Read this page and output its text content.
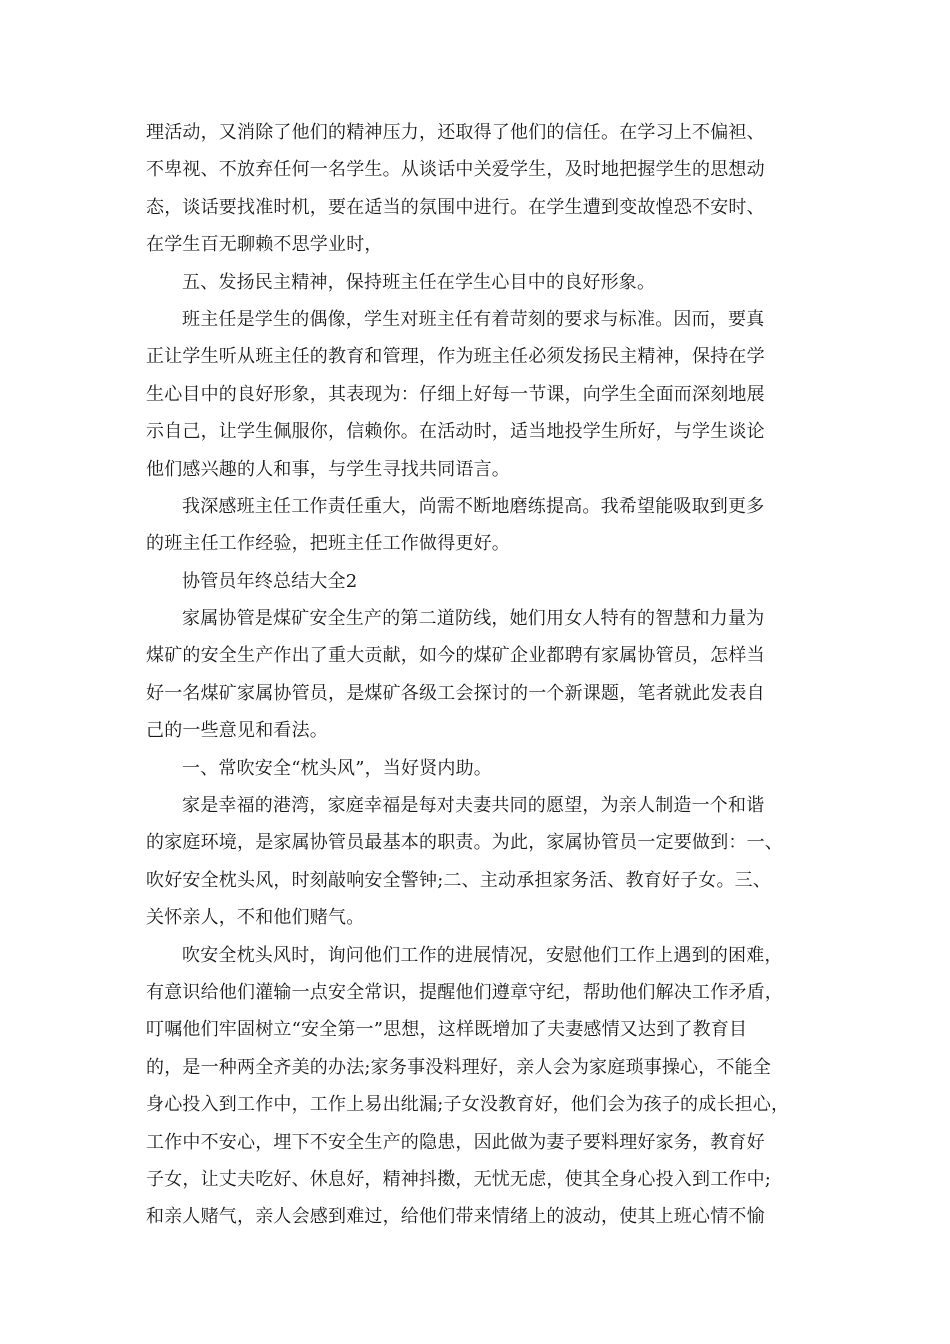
理活动，又消除了他们的精神压力，还取得了他们的信任。在学习上不偏袒、
不卑视、不放弃任何一名学生。从谈话中关爱学生，及时地把握学生的思想动
态，谈话要找准时机，要在适当的氛围中进行。在学生遭到变故惶恐不安时、
在学生百无聊赖不思学业时，
五、发扬民主精神，保持班主任在学生心目中的良好形象。
班主任是学生的偶像，学生对班主任有着苛刻的要求与标准。因而，要真
正让学生听从班主任的教育和管理，作为班主任必须发扬民主精神，保持在学
生心目中的良好形象，其表现为：仔细上好每一节课，向学生全面而深刻地展
示自己，让学生佩服你，信赖你。在活动时，适当地投学生所好，与学生谈论
他们感兴趣的人和事，与学生寻找共同语言。
我深感班主任工作责任重大，尚需不断地磨练提高。我希望能吸取到更多
的班主任工作经验，把班主任工作做得更好。
协管员年终总结大全2
家属协管是煤矿安全生产的第二道防线，她们用女人特有的智慧和力量为
煤矿的安全生产作出了重大贡献，如今的煤矿企业都聘有家属协管员，怎样当
好一名煤矿家属协管员，是煤矿各级工会探讨的一个新课题，笔者就此发表自
己的一些意见和看法。
一、常吹安全“枕头风”，当好贤内助。
家是幸福的港湾，家庭幸福是每对夫妻共同的愿望，为亲人制造一个和谐
的家庭环境，是家属协管员最基本的职责。为此，家属协管员一定要做到：一、
吹好安全枕头风，时刻敲响安全警钟;二、主动承担家务活、教育好子女。三、
关怀亲人，不和他们赌气。
吹安全枕头风时，询问他们工作的进展情况，安慰他们工作上遇到的困难，
有意识给他们灌输一点安全常识，提醒他们遵章守纪，帮助他们解决工作矛盾，
叮嘱他们牢固树立“安全第一”思想，这样既增加了夫妻感情又达到了教育目
的，是一种两全齐美的办法;家务事没料理好，亲人会为家庭琐事操心，不能全
身心投入到工作中，工作上易出纰漏;子女没教育好，他们会为孩子的成长担心，
工作中不安心，埋下不安全生产的隐患，因此做为妻子要料理好家务，教育好
子女，让丈夫吃好、休息好，精神抖擞，无忧无虑，使其全身心投入到工作中;
和亲人赌气，亲人会感到难过，给他们带来情绪上的波动，使其上班心情不愉
